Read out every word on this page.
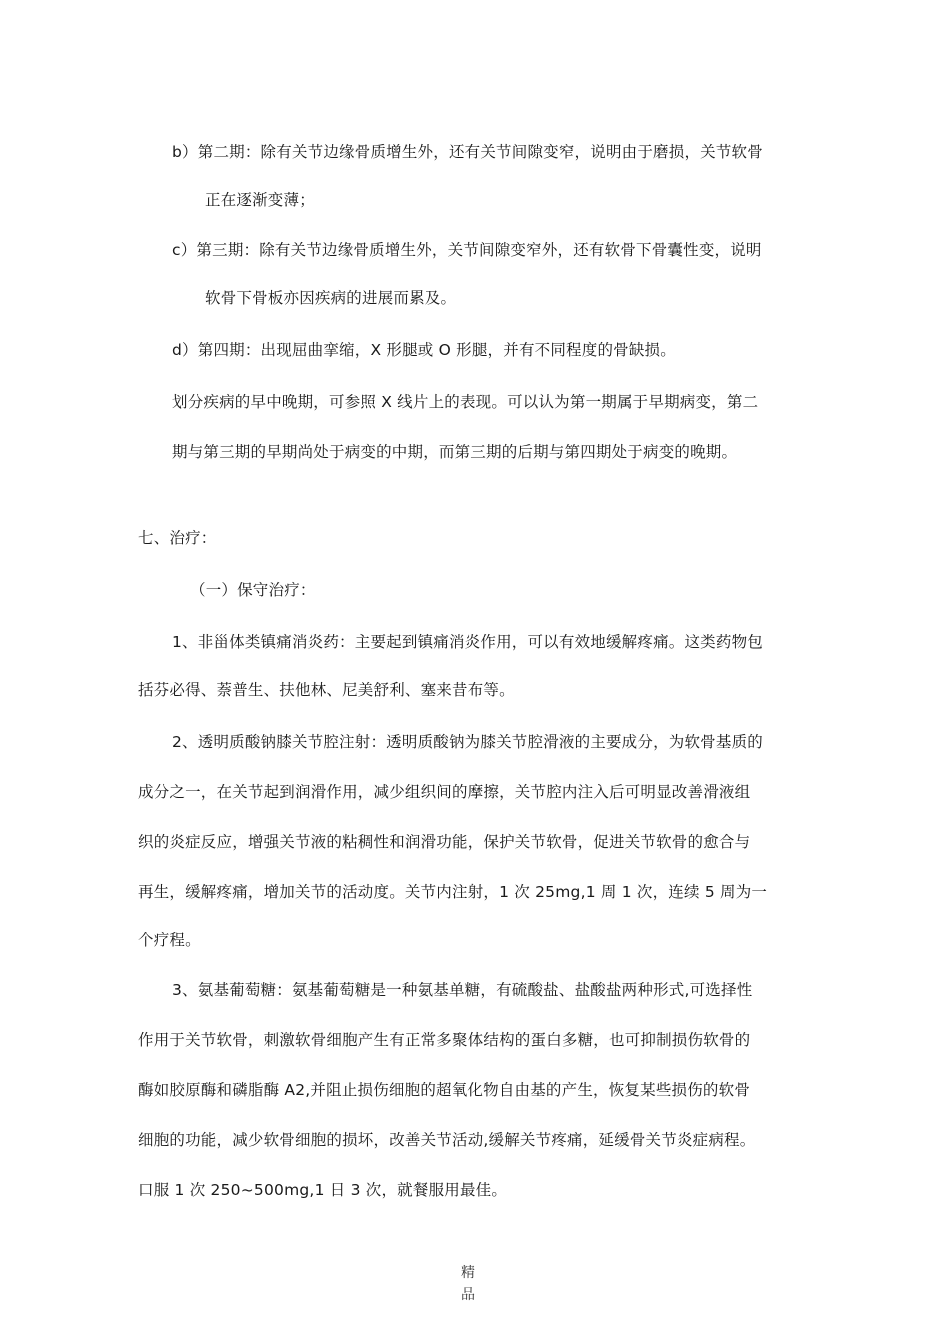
b）第二期：除有关节边缘骨质增生外，还有关节间隙变窄，说明由于磨损，关节软骨

正在逐渐变薄；

c）第三期：除有关节边缘骨质增生外，关节间隙变窄外，还有软骨下骨囊性变，说明

软骨下骨板亦因疾病的进展而累及。

d）第四期：出现屈曲挛缩，X 形腿或 O 形腿，并有不同程度的骨缺损。

划分疾病的早中晚期，可参照 X 线片上的表现。可以认为第一期属于早期病变，第二

期与第三期的早期尚处于病变的中期，而第三期的后期与第四期处于病变的晚期。

七、治疗：

（一）保守治疗：

1、非甾体类镇痛消炎药：主要起到镇痛消炎作用，可以有效地缓解疼痛。这类药物包

括芬必得、萘普生、扶他林、尼美舒利、塞来昔布等。

2、透明质酸钠膝关节腔注射：透明质酸钠为膝关节腔滑液的主要成分，为软骨基质的

成分之一，在关节起到润滑作用，减少组织间的摩擦，关节腔内注入后可明显改善滑液组

织的炎症反应，增强关节液的粘稠性和润滑功能，保护关节软骨，促进关节软骨的愈合与

再生，缓解疼痛，增加关节的活动度。关节内注射，1 次 25mg,1 周 1 次，连续 5 周为一

个疗程。

3、氨基葡萄糖：氨基葡萄糖是一种氨基单糖，有硫酸盐、盐酸盐两种形式,可选择性

作用于关节软骨，刺激软骨细胞产生有正常多聚体结构的蛋白多糖，也可抑制损伤软骨的

酶如胶原酶和磷脂酶 A2,并阻止损伤细胞的超氧化物自由基的产生，恢复某些损伤的软骨

细胞的功能，减少软骨细胞的损坏，改善关节活动,缓解关节疼痛，延缓骨关节炎症病程。

口服 1 次 250~500mg,1 日 3 次，就餐服用最佳。

精
品
